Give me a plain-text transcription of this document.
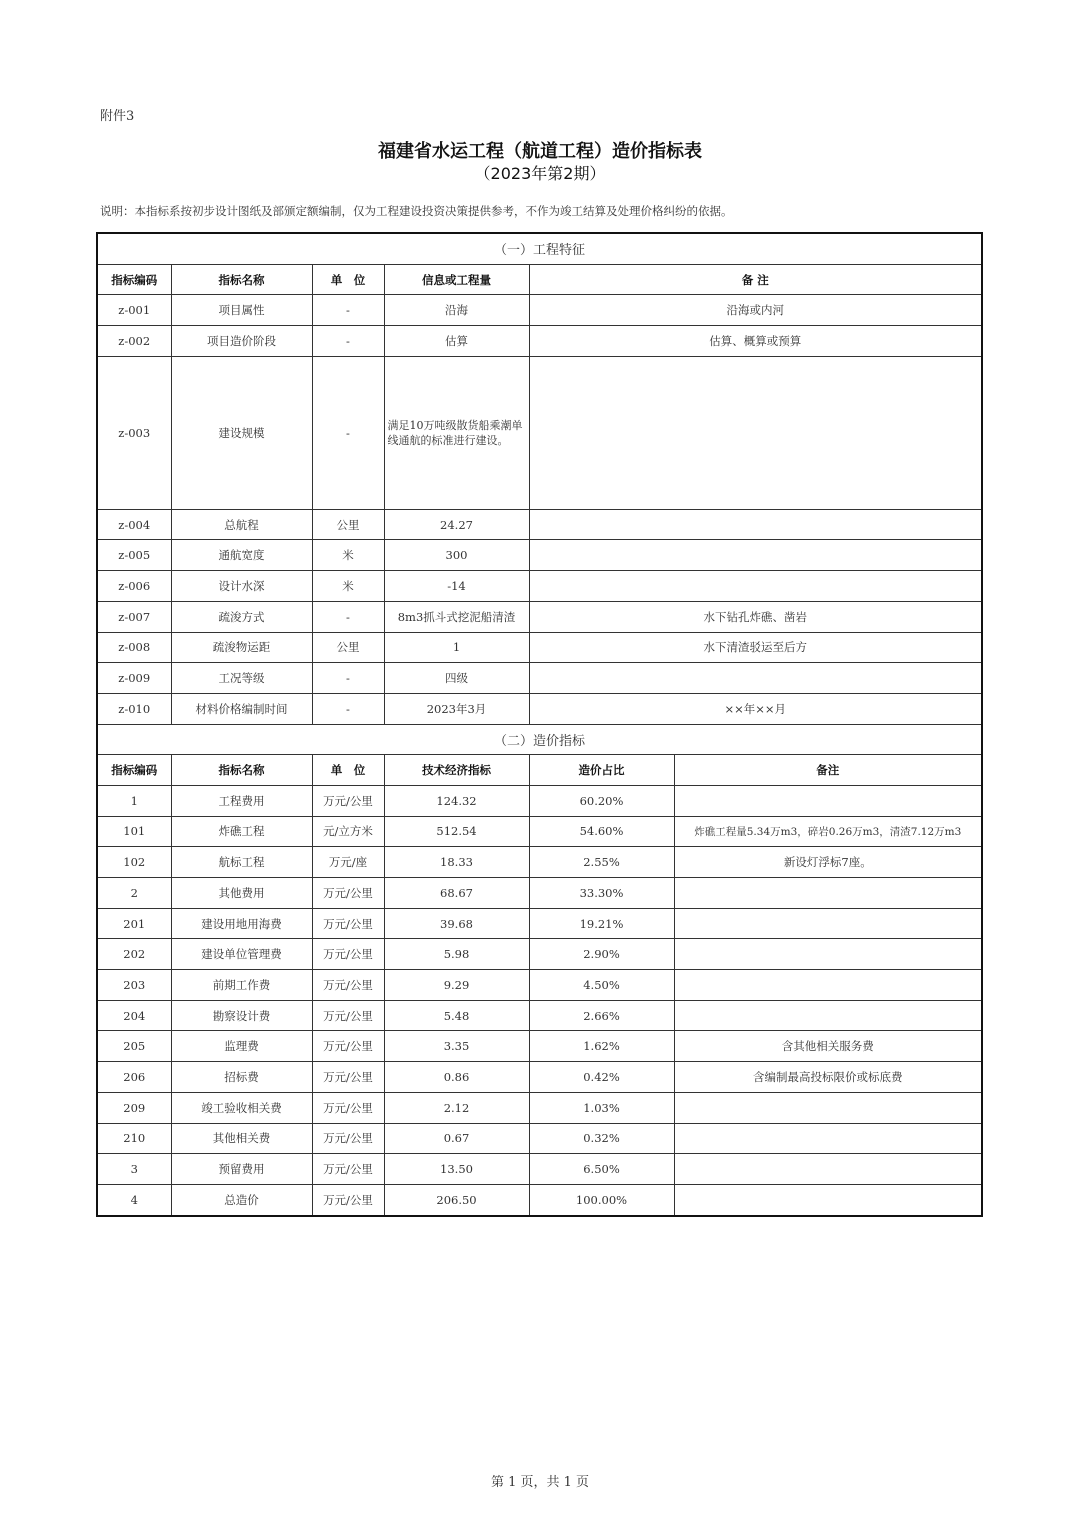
附件3
福建省水运工程（航道工程）造价指标表
（2023年第2期）
说明：本指标系按初步设计图纸及部颁定额编制，仅为工程建设投资决策提供参考，不作为竣工结算及处理价格纠纷的依据。
（一）工程特征					
指标编码	指标名称	单　位	信息或工程量	备 注	
z-001	项目属性	-	沿海	沿海或内河	
z-002	项目造价阶段	-	估算	估算、概算或预算	
z-003	建设规模	-	满足10万吨级散货船乘潮单线通航的标准进行建设。		
z-004	总航程	公里	24.27		
z-005	通航宽度	米	300		
z-006	设计水深	米	-14		
z-007	疏浚方式	-	8m3抓斗式挖泥船清渣	水下钻孔炸礁、凿岩	
z-008	疏浚物运距	公里	1	水下清渣驳运至后方	
z-009	工况等级	-	四级		
z-010	材料价格编制时间	-	2023年3月	××年××月	
（二）造价指标					
指标编码	指标名称	单　位	技术经济指标	造价占比	备注
1	工程费用	万元/公里	124.32	60.20%	
101	炸礁工程	元/立方米	512.54	54.60%	炸礁工程量5.34万m3，碎岩0.26万m3，清渣7.12万m3
102	航标工程	万元/座	18.33	2.55%	新设灯浮标7座。
2	其他费用	万元/公里	68.67	33.30%	
201	建设用地用海费	万元/公里	39.68	19.21%	
202	建设单位管理费	万元/公里	5.98	2.90%	
203	前期工作费	万元/公里	9.29	4.50%	
204	勘察设计费	万元/公里	5.48	2.66%	
205	监理费	万元/公里	3.35	1.62%	含其他相关服务费
206	招标费	万元/公里	0.86	0.42%	含编制最高投标限价或标底费
209	竣工验收相关费	万元/公里	2.12	1.03%	
210	其他相关费	万元/公里	0.67	0.32%	
3	预留费用	万元/公里	13.50	6.50%	
4	总造价	万元/公里	206.50	100.00%	
第 1 页，共 1 页
